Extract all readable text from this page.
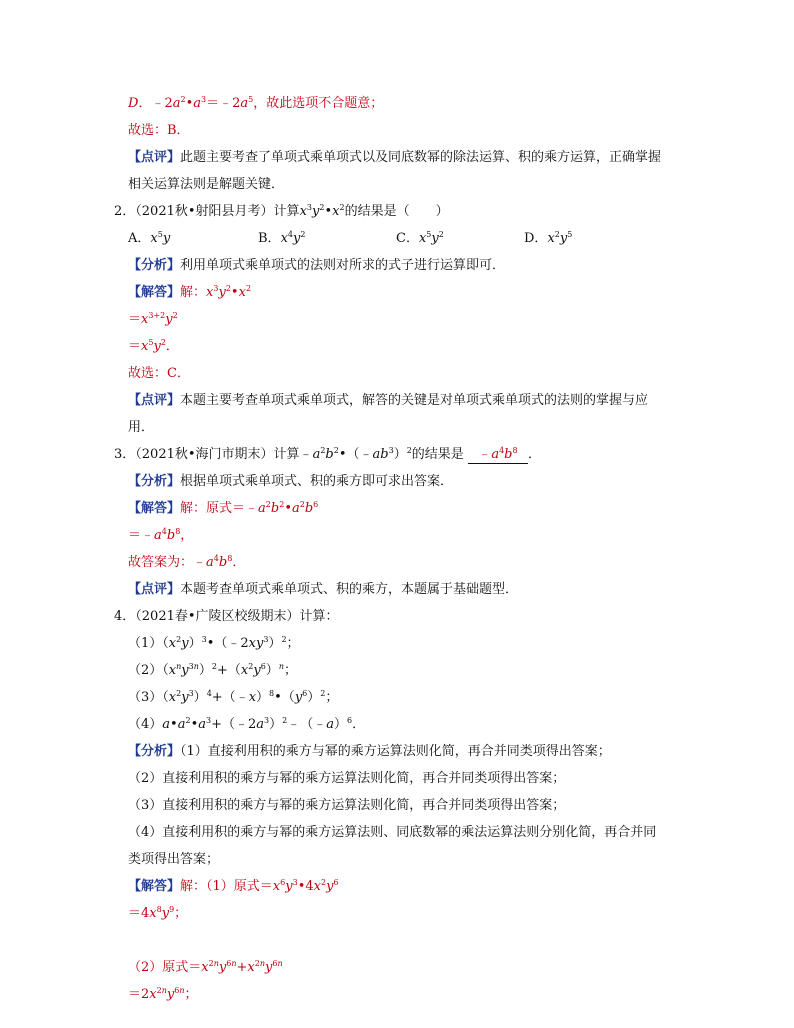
D．$﹣2a^2•a^3=﹣2a^5$，故此选项不合题意；
故选：B．
【点评】此题主要考查了单项式乘单项式以及同底数幂的除法运算、积的乘方运算，正确掌握
相关运算法则是解题关键．
2．（2021秋•射阳县月考）计算$x^3y^2•x^2$的结果是（　　）
A．$x^5y$	B．$x^4y^2$	C．$x^5y^2$	D．$x^2y^5$
【分析】利用单项式乘单项式的法则对所求的式子进行运算即可．
【解答】解：$x^3y^2•x^2$
$=x^{3+2}y^2$
$=x^5y^2$．
故选：C．
【点评】本题主要考查单项式乘单项式，解答的关键是对单项式乘单项式的法则的掌握与应
用．
3．（2021秋•海门市期末）计算$﹣a^2b^2•(﹣ab^3)^2$的结果是 $﹣a^4b^8$ ．
【分析】根据单项式乘单项式、积的乘方即可求出答案．
【解答】解：原式$=﹣a^2b^2•a^2b^6$
$=﹣a^4b^8$，
故答案为：$﹣a^4b^8$．
【点评】本题考查单项式乘单项式、积的乘方，本题属于基础题型．
4．（2021春•广陵区校级期末）计算：
$(1)(x^2y)^3•(﹣2xy^3)^2$；
$(2)(x^ny^{3n})^2+(x^2y^6)^n$；
$(3)(x^2y^3)^4+(﹣x)^8•(y^6)^2$；
$(4)a•a^2•a^3+(﹣2a^3)^2﹣(﹣a)^6$．
【分析】（1）直接利用积的乘方与幂的乘方运算法则化简，再合并同类项得出答案；
（2）直接利用积的乘方与幂的乘方运算法则化简，再合并同类项得出答案；
（3）直接利用积的乘方与幂的乘方运算法则化简，再合并同类项得出答案；
（4）直接利用积的乘方与幂的乘方运算法则、同底数幂的乘法运算法则分别化简，再合并同
类项得出答案；
【解答】解：（1）原式$=x^6y^3•4x^2y^6$
$=4x^8y^9$；
（2）原式$=x^{2n}y^{6n}+x^{2n}y^{6n}$
$=2x^{2n}y^{6n}$；
